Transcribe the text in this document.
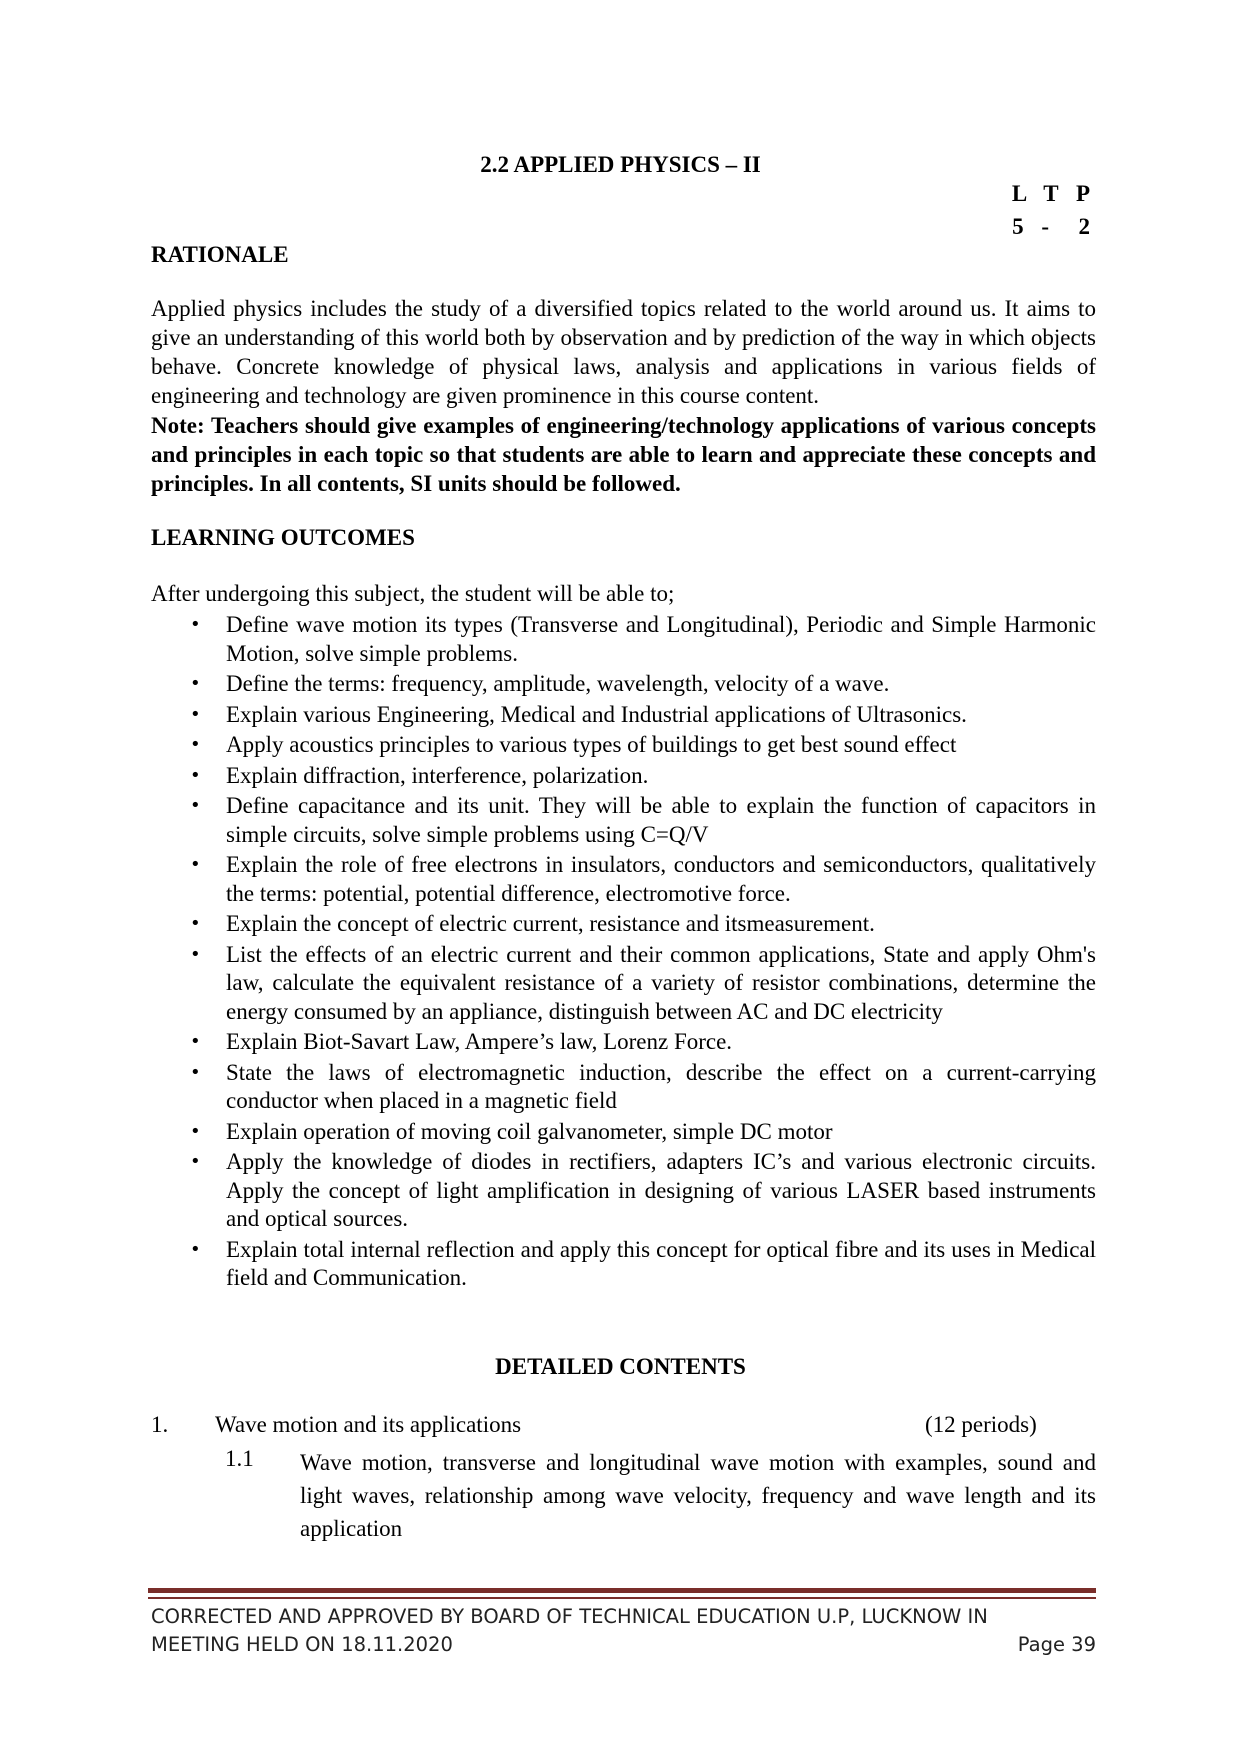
2.2 APPLIED PHYSICS – II
L T P
5 -  2
RATIONALE
Applied physics includes the study of a diversified topics related to the world around us. It aims to give an understanding of this world both by observation and by prediction of the way in which objects behave. Concrete knowledge of physical laws, analysis and applications in various fields of engineering and technology are given prominence in this course content.
Note: Teachers should give examples of engineering/technology applications of various concepts and principles in each topic so that students are able to learn and appreciate these concepts and principles. In all contents, SI units should be followed.
LEARNING OUTCOMES
After undergoing this subject, the student will be able to;
• Define wave motion its types (Transverse and Longitudinal), Periodic and Simple Harmonic Motion, solve simple problems.
• Define the terms: frequency, amplitude, wavelength, velocity of a wave.
• Explain various Engineering, Medical and Industrial applications of Ultrasonics.
• Apply acoustics principles to various types of buildings to get best sound effect
• Explain diffraction, interference, polarization.
• Define capacitance and its unit. They will be able to explain the function of capacitors in simple circuits, solve simple problems using C=Q/V
• Explain the role of free electrons in insulators, conductors and semiconductors, qualitatively the terms: potential, potential difference, electromotive force.
• Explain the concept of electric current, resistance and itsmeasurement.
• List the effects of an electric current and their common applications, State and apply Ohm's law, calculate the equivalent resistance of a variety of resistor combinations, determine the energy consumed by an appliance, distinguish between AC and DC electricity
• Explain Biot-Savart Law, Ampere’s law, Lorenz Force.
• State the laws of electromagnetic induction, describe the effect on a current-carrying conductor when placed in a magnetic field
• Explain operation of moving coil galvanometer, simple DC motor
• Apply the knowledge of diodes in rectifiers, adapters IC’s and various electronic circuits. Apply the concept of light amplification in designing of various LASER based instruments and optical sources.
• Explain total internal reflection and apply this concept for optical fibre and its uses in Medical field and Communication.
DETAILED CONTENTS
1. Wave motion and its applications	(12 periods)
1.1 Wave motion, transverse and longitudinal wave motion with examples, sound and light waves, relationship among wave velocity, frequency and wave length and its application
CORRECTED AND APPROVED BY BOARD OF TECHNICAL EDUCATION U.P, LUCKNOW IN
MEETING HELD ON 18.11.2020	Page 39
